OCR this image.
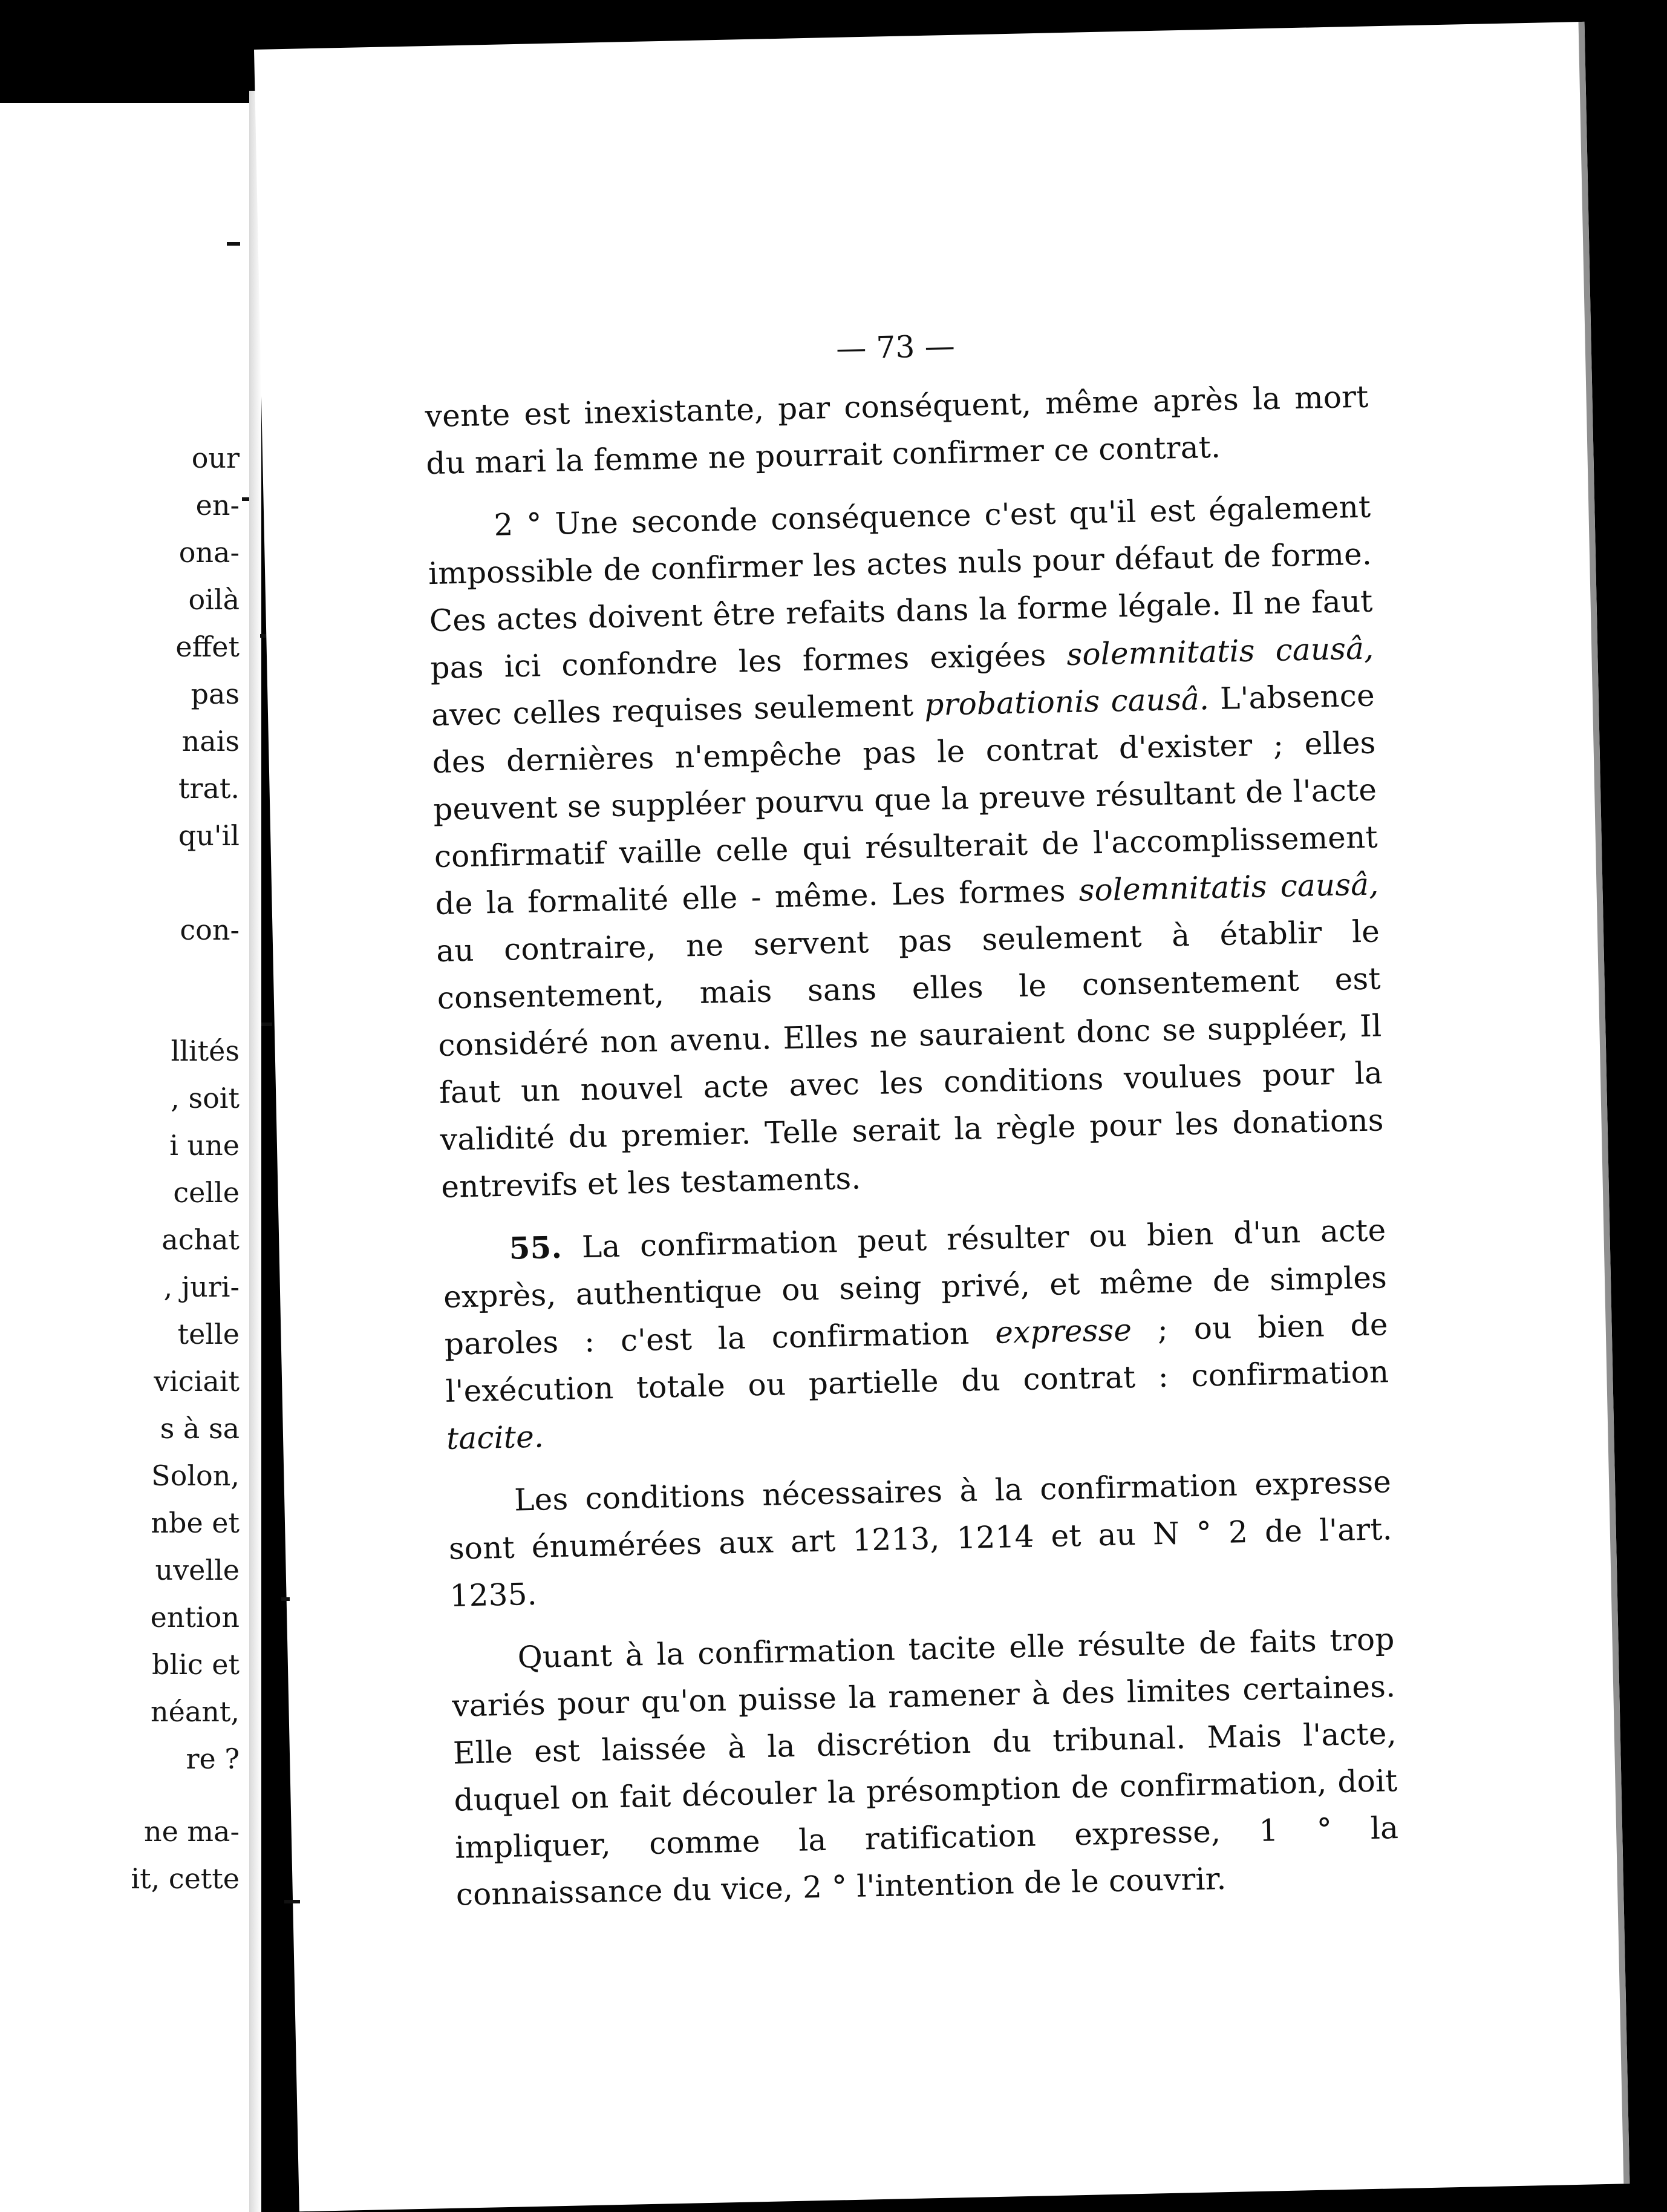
our
en-
ona-
oilà
effet
pas
nais
trat.
qu'il
con-
llités
, soit
i une
celle
achat
, juri-
telle
viciait
s à sa
Solon,
nbe et
uvelle
ention
blic et
néant,
re ?
ne ma-
it, cette
— 73 —

vente est inexistante, par conséquent, même après la mort du mari la femme ne pourrait confirmer ce contrat.

2 ° Une seconde conséquence c'est qu'il est également impossible de confirmer les actes nuls pour défaut de forme. Ces actes doivent être refaits dans la forme légale. Il ne faut pas ici confondre les formes exigées solemnitatis causâ, avec celles requises seulement probationis causâ. L'absence des dernières n'empêche pas le contrat d'exister ; elles peuvent se suppléer pourvu que la preuve résultant de l'acte confirmatif vaille celle qui résulterait de l'accomplissement de la formalité elle - même. Les formes solemnitatis causâ, au contraire, ne servent pas seulement à établir le consentement, mais sans elles le consentement est considéré non avenu. Elles ne sauraient donc se suppléer, Il faut un nouvel acte avec les conditions voulues pour la validité du premier. Telle serait la règle pour les donations entrevifs et les testaments.

55. La confirmation peut résulter ou bien d'un acte exprès, authentique ou seing privé, et même de simples paroles : c'est la confirmation expresse ; ou bien de l'exécution totale ou partielle du contrat : confirmation tacite.

Les conditions nécessaires à la confirmation expresse sont énumérées aux art 1213, 1214 et au N ° 2 de l'art. 1235.

Quant à la confirmation tacite elle résulte de faits trop variés pour qu'on puisse la ramener à des limites certaines. Elle est laissée à la discrétion du tribunal. Mais l'acte, duquel on fait découler la présomption de confirmation, doit impliquer, comme la ratification expresse, 1 ° la connaissance du vice, 2 ° l'intention de le couvrir.
